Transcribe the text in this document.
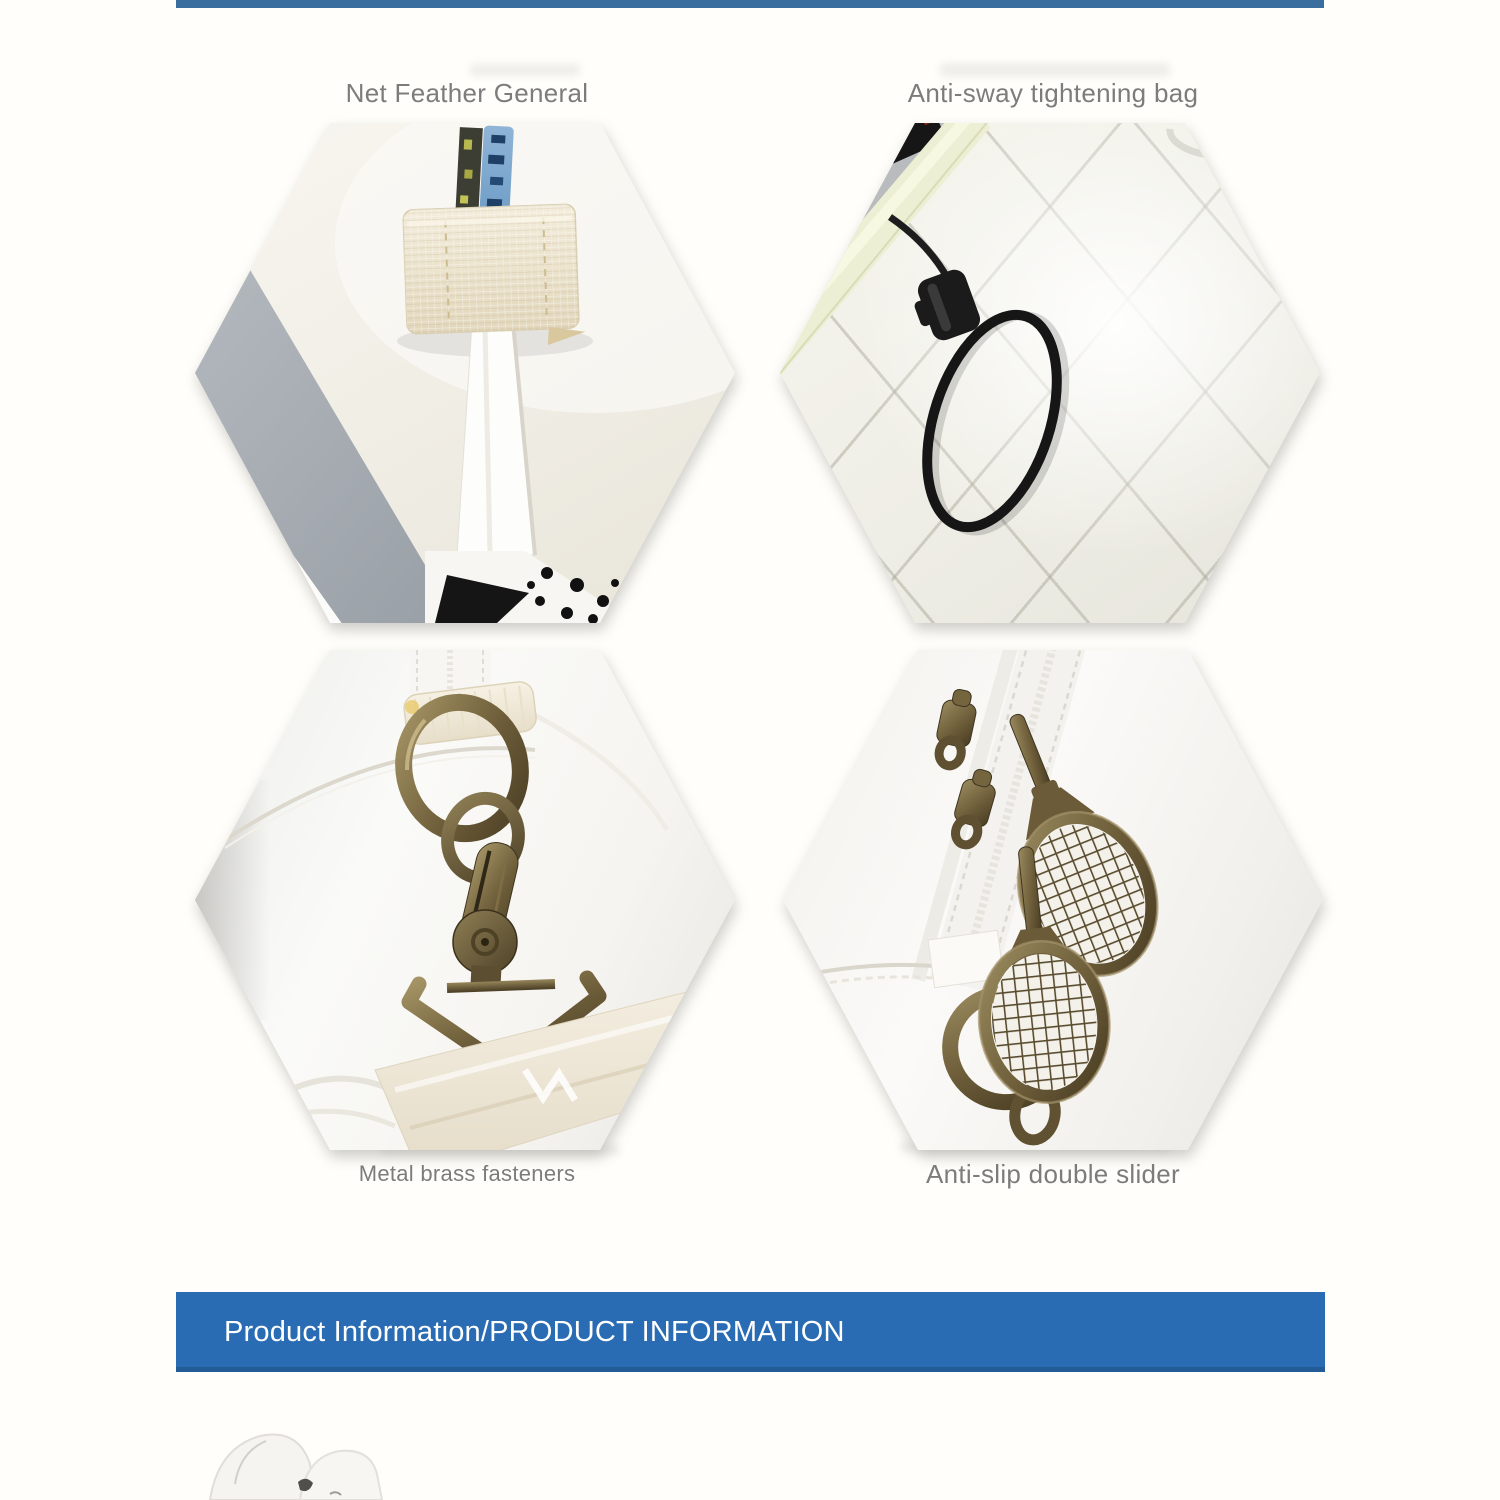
Net Feather General	Anti-sway tightening bag
Metal brass fasteners	Anti-slip double slider
Product Information/PRODUCT INFORMATION
